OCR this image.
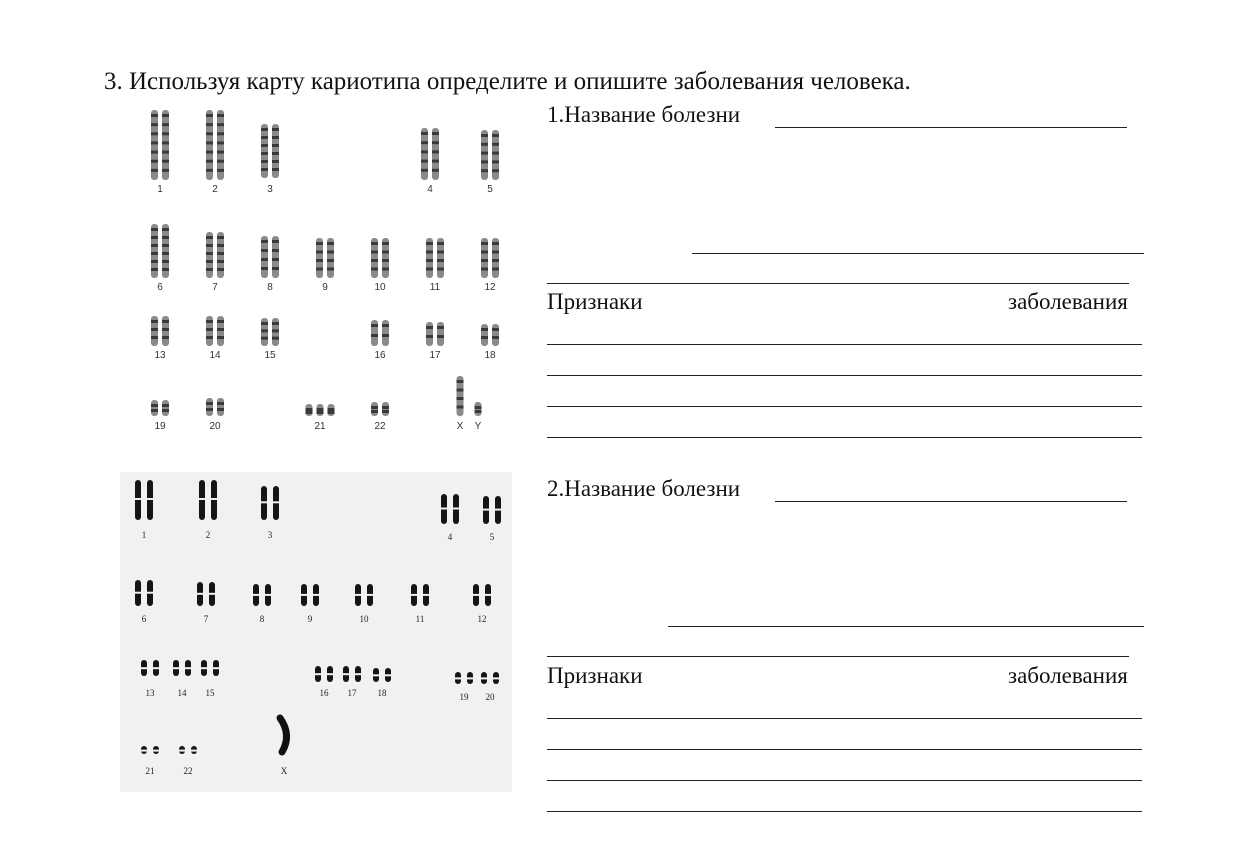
3. Используя карту кариотипа определите и опишите заболевания человека.
1.Название болезни
Признаки	заболевания
2.Название болезни
Признаки	заболевания
1	2	3	4	5
6	7	8	9	10	11	12
13	14	15	16	17	18
19	20	21	22	X Y
1	2	3	4	5
6	7	8	9	10	11	12
13	14 15	16 17 18	19 20
21	22	X
